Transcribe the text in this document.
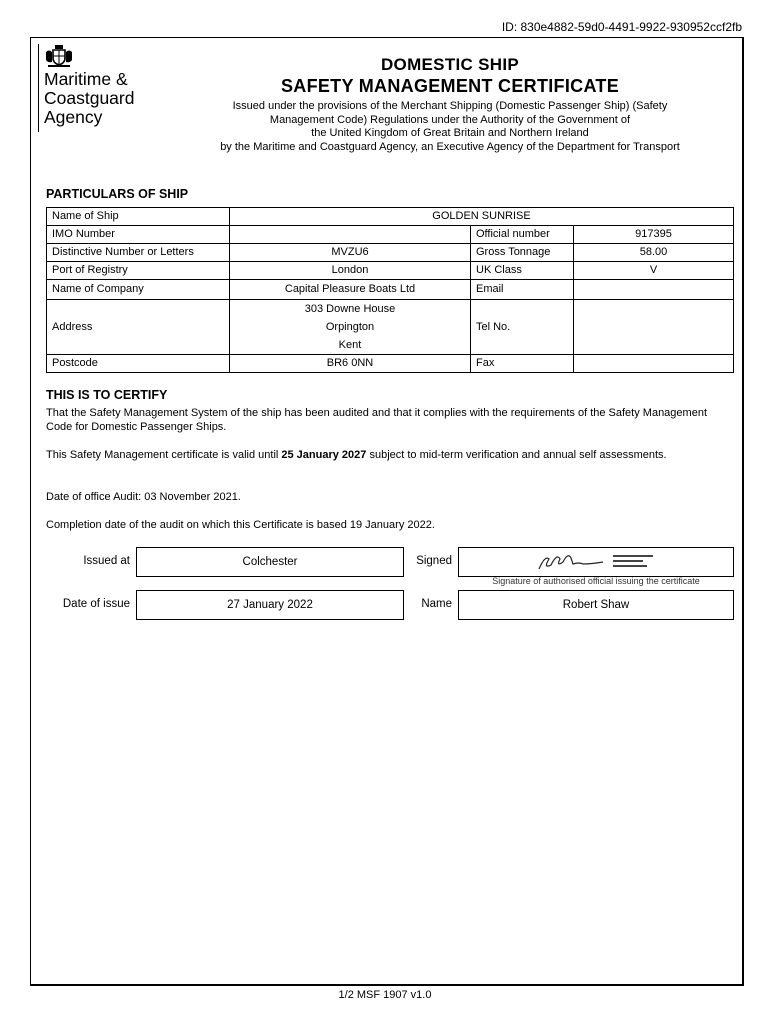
ID: 830e4882-59d0-4491-9922-930952ccf2fb
Maritime &
Coastguard
Agency
DOMESTIC SHIP
SAFETY MANAGEMENT CERTIFICATE
Issued under the provisions of the Merchant Shipping (Domestic Passenger Ship) (Safety
Management Code) Regulations under the Authority of the Government of
the United Kingdom of Great Britain and Northern Ireland
by the Maritime and Coastguard Agency, an Executive Agency of the Department for Transport
PARTICULARS OF SHIP
Name of Ship	GOLDEN SUNRISE		
IMO Number		Official number	917395
Distinctive Number or Letters	MVZU6	Gross Tonnage	58.00
Port of Registry	London	UK Class	V
Name of Company	Capital Pleasure Boats Ltd	Email	
Address	303 Downe House
Orpington
Kent	Tel No.	
Postcode	BR6 0NN	Fax	
THIS IS TO CERTIFY

That the Safety Management System of the ship has been audited and that it complies with the requirements of the Safety Management Code for Domestic Passenger Ships.

This Safety Management certificate is valid until 25 January 2027 subject to mid-term verification and annual self assessments.

Date of office Audit: 03 November 2021.

Completion date of the audit on which this Certificate is based 19 January 2022.

Issued at	Colchester	Signed
Signature of authorised official issuing the certificate
Date of issue	27 January 2022	Name	Robert Shaw
1/2 MSF 1907 v1.0
